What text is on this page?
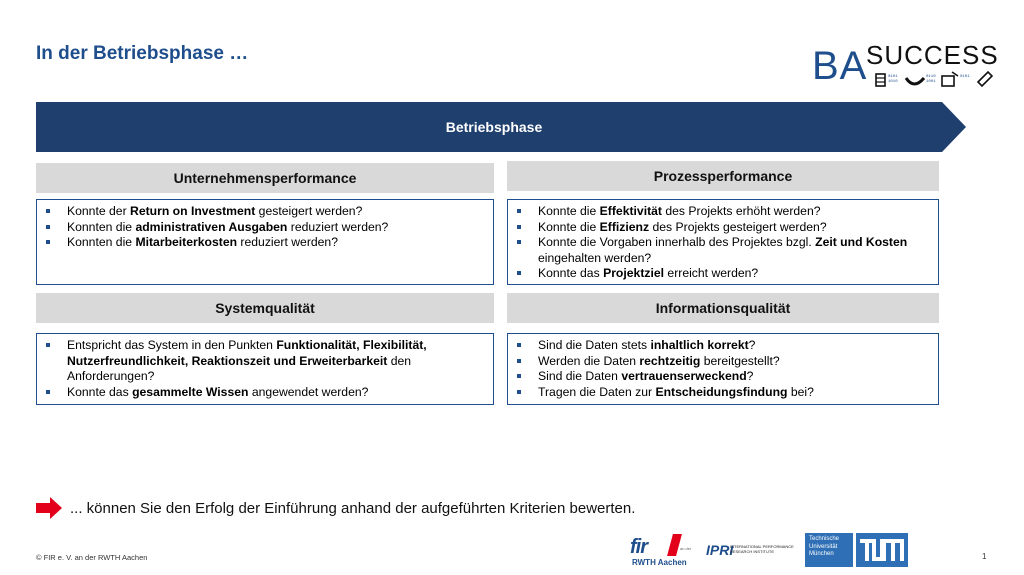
In der Betriebsphase …	BA
SUCCESS
0101
1010
0110
1001
0101
Betriebsphase
Unternehmensperformance
Konnte der Return on Investment gesteigert werden?
Konnten die administrativen Ausgaben reduziert werden?
Konnten die Mitarbeiterkosten reduziert werden?
Prozessperformance
Konnte die Effektivität des Projekts erhöht werden?
Konnte die Effizienz des Projekts gesteigert werden?
Konnte die Vorgaben innerhalb des Projektes bzgl. Zeit und Kosten eingehalten werden?
Konnte das Projektziel erreicht werden?
Systemqualität
Entspricht das System in den Punkten Funktionalität, Flexibilität, Nutzerfreundlichkeit, Reaktionszeit und Erweiterbarkeit den Anforderungen?
Konnte das gesammelte Wissen angewendet werden?
Informationsqualität
Sind die Daten stets inhaltlich korrekt?
Werden die Daten rechtzeitig bereitgestellt?
Sind die Daten vertrauenserweckend?
Tragen die Daten zur Entscheidungsfindung bei?
... können Sie den Erfolg der Einführung anhand der aufgeführten Kriterien bewerten.
© FIR e. V. an der RWTH Aachen	1
fir	an der
RWTH Aachen
IPRI
INTERNATIONAL PERFORMANCE RESEARCH INSTITUTE
Technische
Universität
München
